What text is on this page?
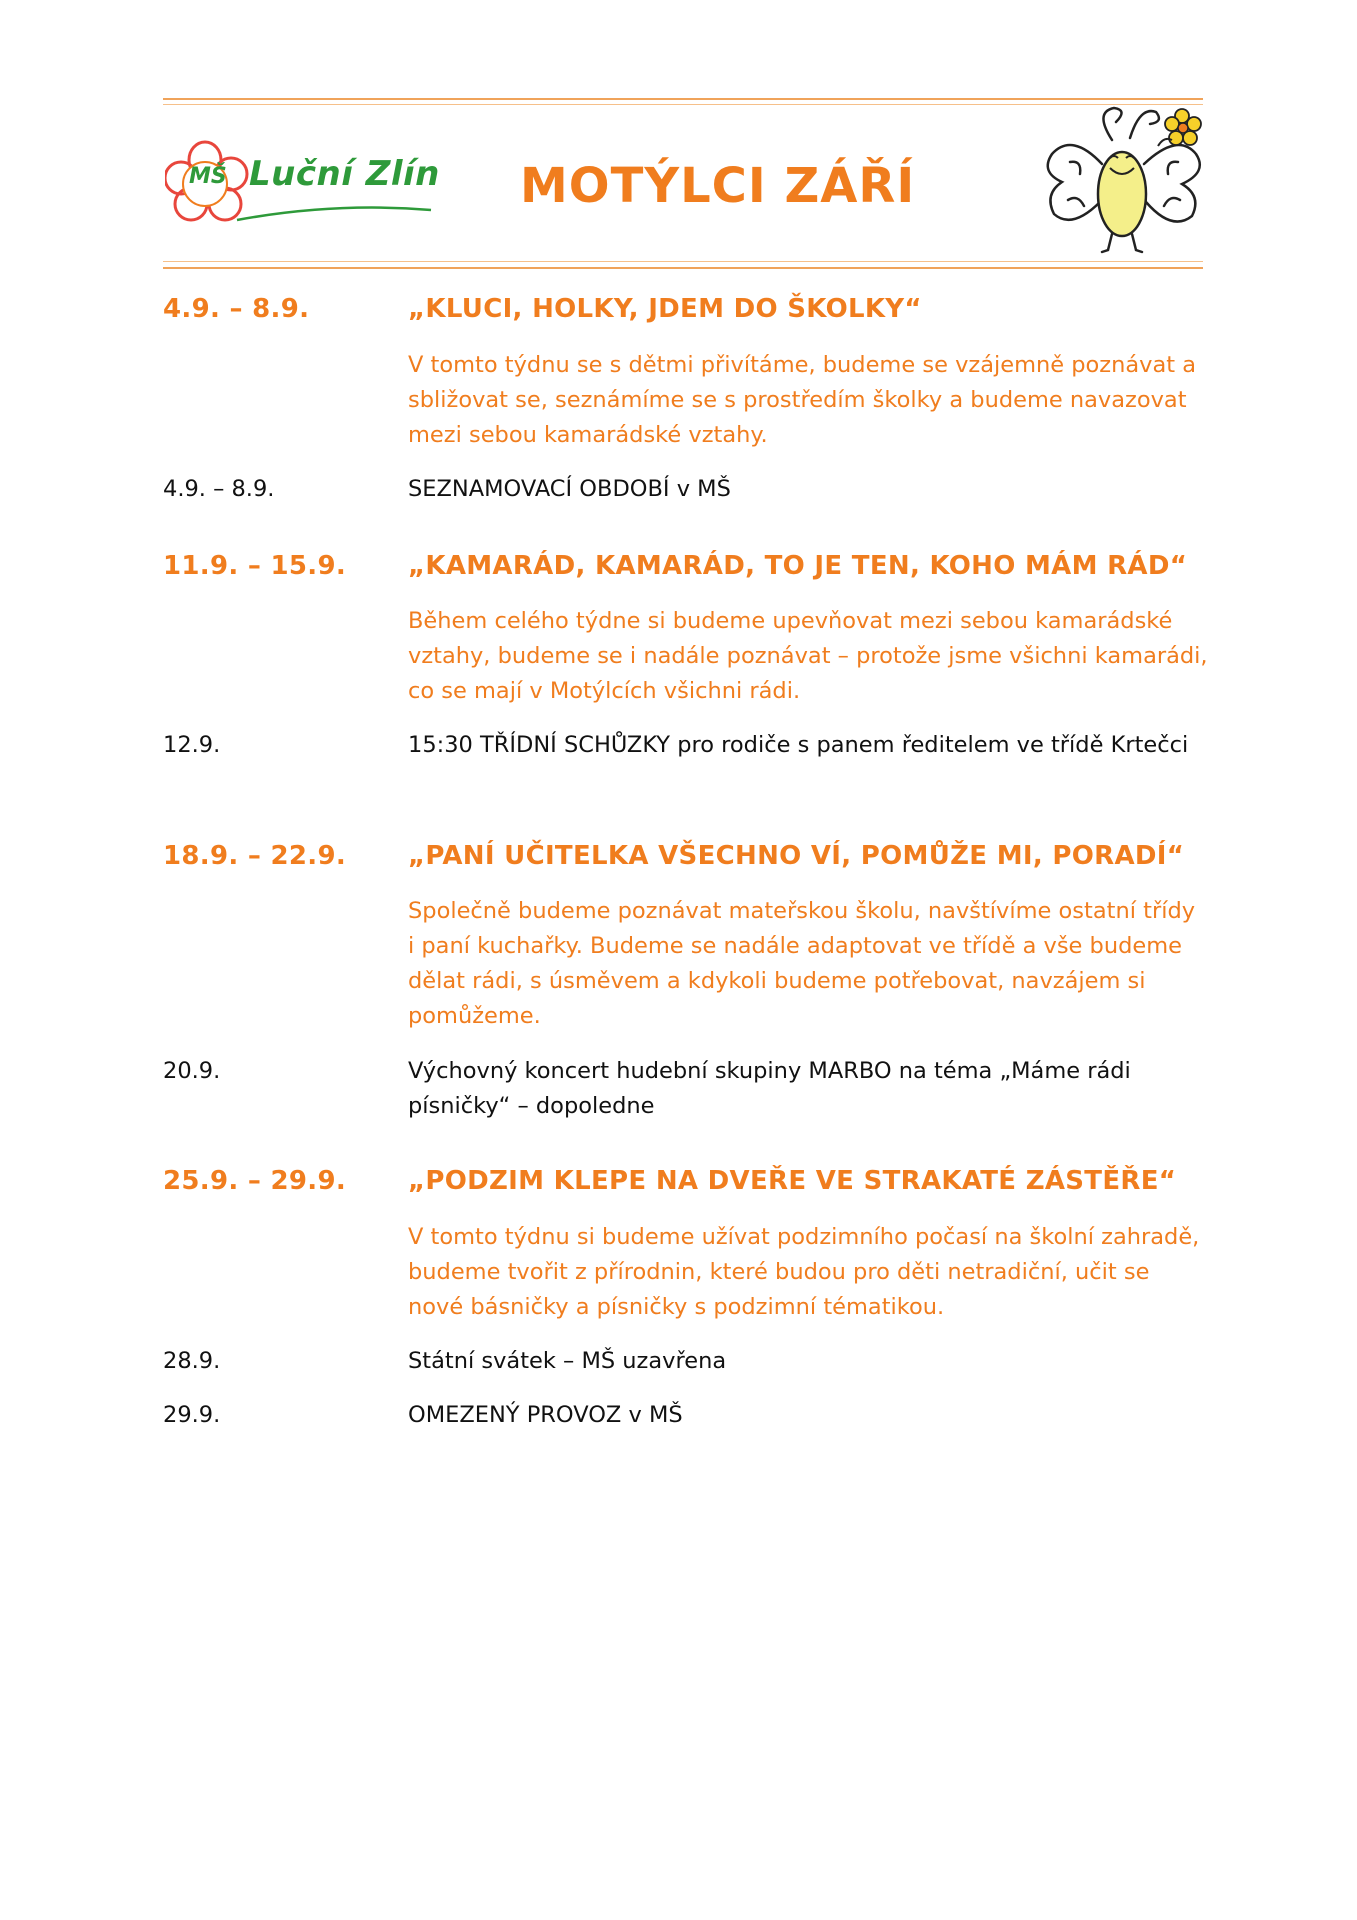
MŠ Luční Zlín MOTÝLCI ZÁŘÍ
4.9. – 8.9.	„KLUCI, HOLKY, JDEM DO ŠKOLKY“
V tomto týdnu se s dětmi přivítáme, budeme se vzájemně poznávat a sbližovat se, seznámíme se s prostředím školky a budeme navazovat mezi sebou kamarádské vztahy.
4.9. – 8.9.	SEZNAMOVACÍ OBDOBÍ v MŠ
11.9. – 15.9. „KAMARÁD, KAMARÁD, TO JE TEN, KOHO MÁM RÁD“
Během celého týdne si budeme upevňovat mezi sebou kamarádské vztahy, budeme se i nadále poznávat – protože jsme všichni kamarádi, co se mají v Motýlcích všichni rádi.
12.9.	15:30 TŘÍDNÍ SCHŮZKY pro rodiče s panem ředitelem ve třídě Krtečci
18.9. – 22.9. „PANÍ UČITELKA VŠECHNO VÍ, POMŮŽE MI, PORADÍ“
Společně budeme poznávat mateřskou školu, navštívíme ostatní třídy i paní kuchařky. Budeme se nadále adaptovat ve třídě a vše budeme dělat rádi, s úsměvem a kdykoli budeme potřebovat, navzájem si pomůžeme.
20.9.	Výchovný koncert hudební skupiny MARBO na téma „Máme rádi písničky“ – dopoledne
25.9. – 29.9. „PODZIM KLEPE NA DVEŘE VE STRAKATÉ ZÁSTĚŘE“
V tomto týdnu si budeme užívat podzimního počasí na školní zahradě, budeme tvořit z přírodnin, které budou pro děti netradiční, učit se nové básničky a písničky s podzimní tématikou.
28.9.	Státní svátek – MŠ uzavřena
29.9.	OMEZENÝ PROVOZ v MŠ
